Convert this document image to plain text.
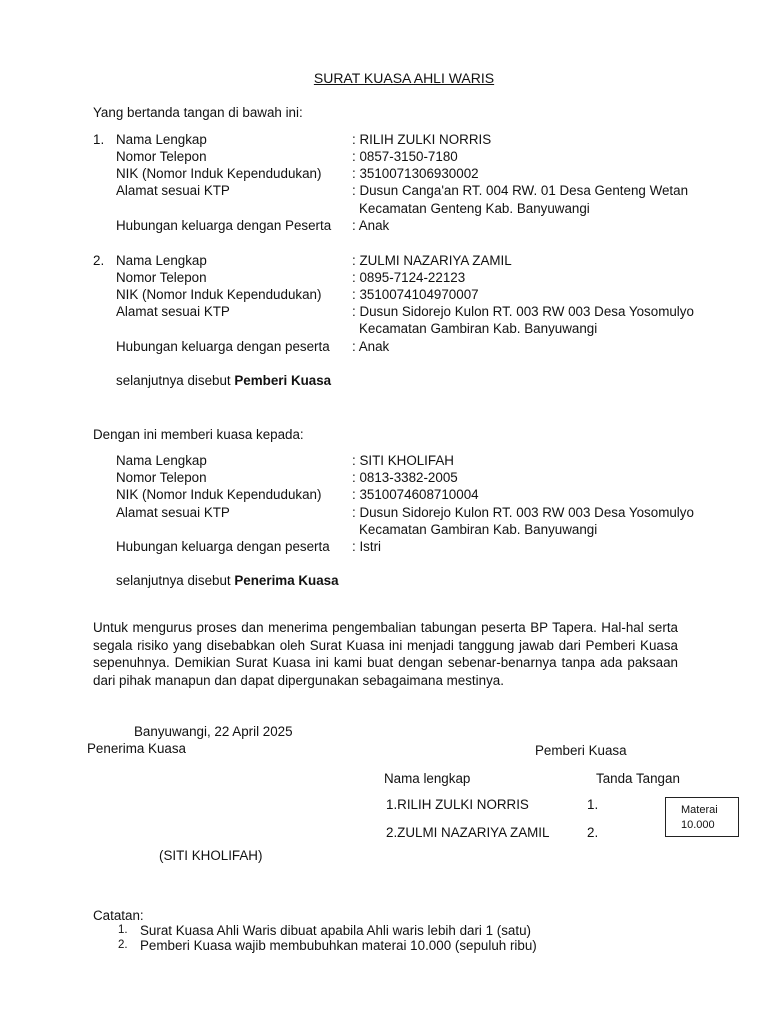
SURAT KUASA AHLI WARIS
Yang bertanda tangan di bawah ini:
1. Nama Lengkap	: RILIH ZULKI NORRIS
Nomor Telepon	: 0857-3150-7180
NIK (Nomor Induk Kependudukan) : 3510071306930002
Alamat sesuai KTP	: Dusun Canga'an RT. 004 RW. 01 Desa Genteng Wetan
Kecamatan Genteng Kab. Banyuwangi
Hubungan keluarga dengan Peserta : Anak
2. Nama Lengkap	: ZULMI NAZARIYA ZAMIL
Nomor Telepon	: 0895-7124-22123
NIK (Nomor Induk Kependudukan) : 3510074104970007
Alamat sesuai KTP	: Dusun Sidorejo Kulon RT. 003 RW 003 Desa Yosomulyo
Kecamatan Gambiran Kab. Banyuwangi
Hubungan keluarga dengan peserta : Anak
selanjutnya disebut Pemberi Kuasa
Dengan ini memberi kuasa kepada:
Nama Lengkap	: SITI KHOLIFAH
Nomor Telepon	: 0813-3382-2005
NIK (Nomor Induk Kependudukan) : 3510074608710004
Alamat sesuai KTP	: Dusun Sidorejo Kulon RT. 003 RW 003 Desa Yosomulyo
Kecamatan Gambiran Kab. Banyuwangi
Hubungan keluarga dengan peserta : Istri
selanjutnya disebut Penerima Kuasa
Untuk mengurus proses dan menerima pengembalian tabungan peserta BP Tapera. Hal-hal serta segala risiko yang disebabkan oleh Surat Kuasa ini menjadi tanggung jawab dari Pemberi Kuasa sepenuhnya. Demikian Surat Kuasa ini kami buat dengan sebenar-benarnya tanpa ada paksaan dari pihak manapun dan dapat dipergunakan sebagaimana mestinya.
Banyuwangi, 22 April 2025
Penerima Kuasa	Pemberi Kuasa
Nama lengkap	Tanda Tangan
1.RILIH ZULKI NORRIS	1.
2.ZULMI NAZARIYA ZAMIL	2.
Materai
10.000
(SITI KHOLIFAH)
Catatan:
1. Surat Kuasa Ahli Waris dibuat apabila Ahli waris lebih dari 1 (satu)
2. Pemberi Kuasa wajib membubuhkan materai 10.000 (sepuluh ribu)
